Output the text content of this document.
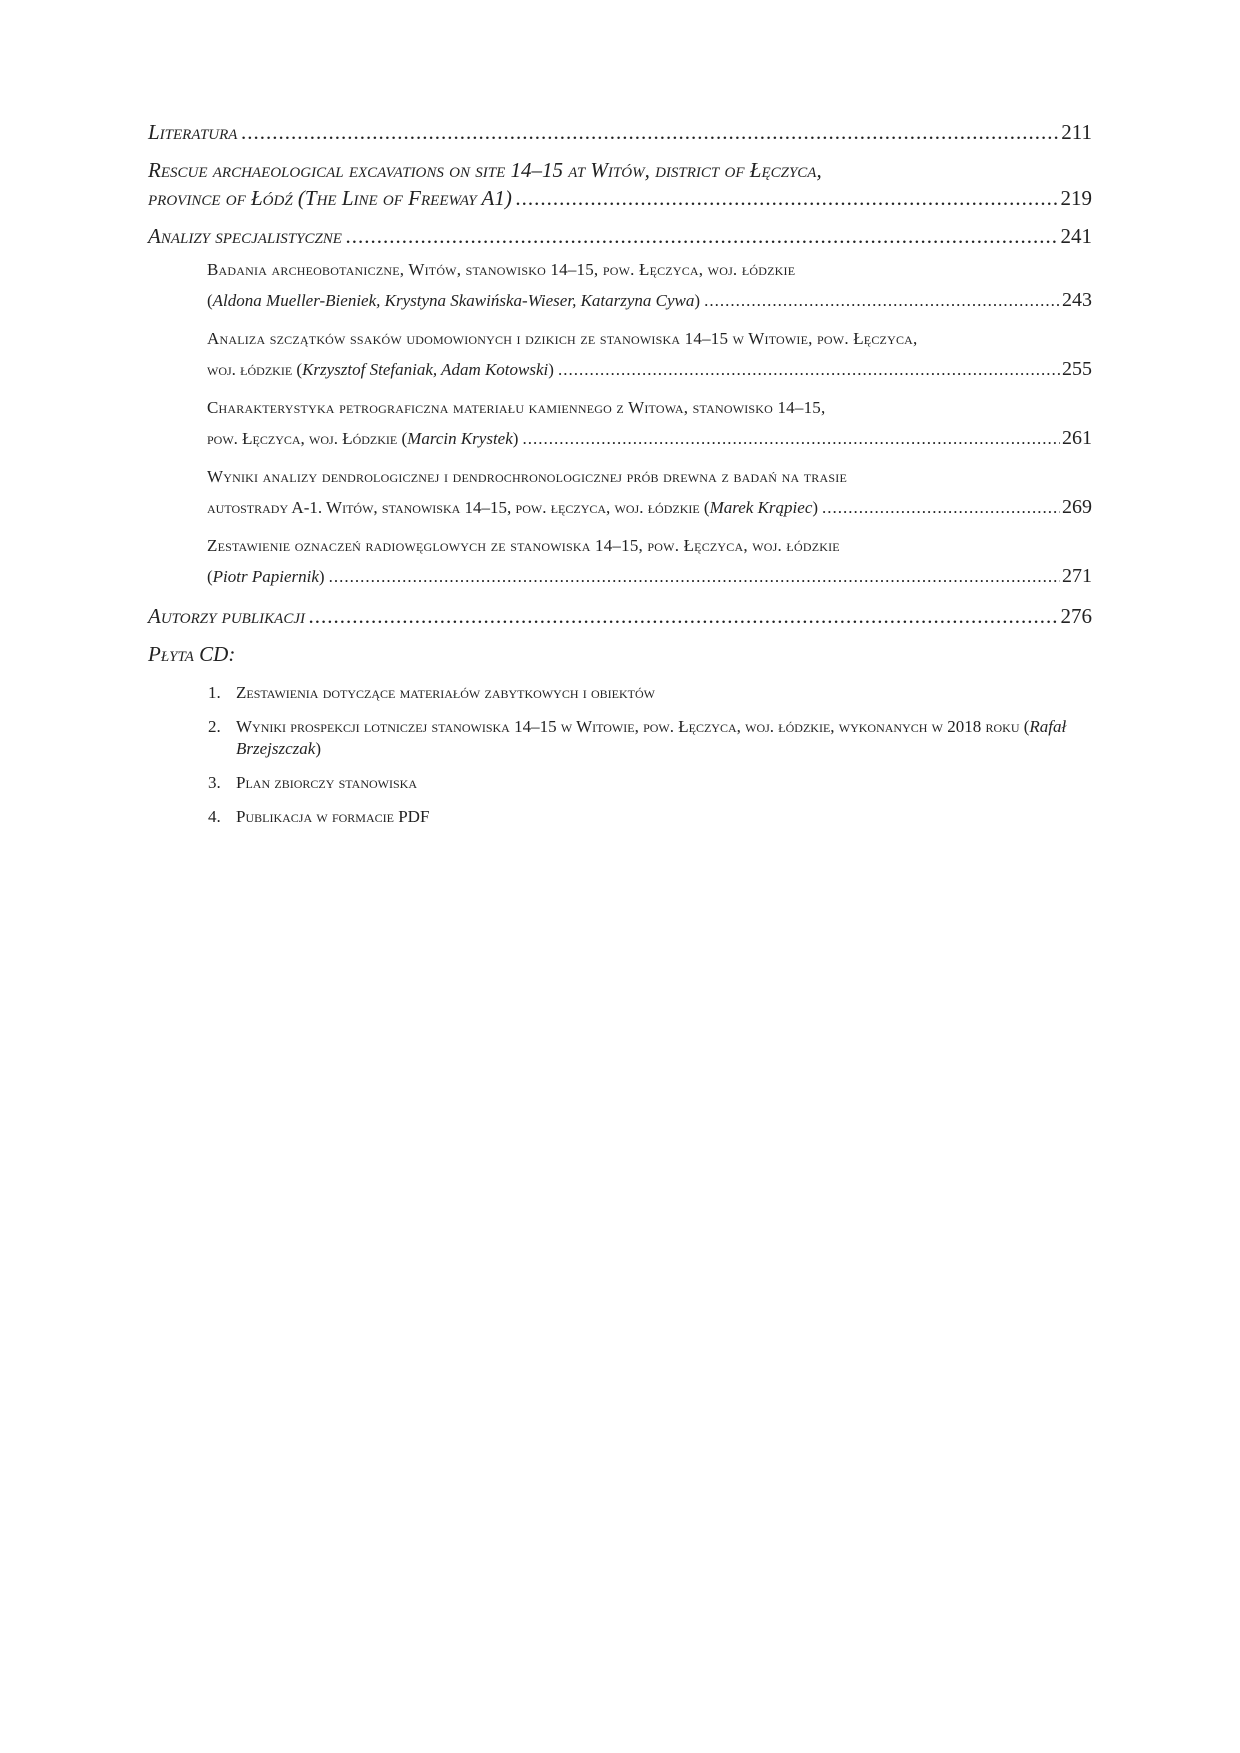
Literatura .....	211
Rescue archaeological excavations on site 14–15 at Witów, district of Łęczyca,
province of Łódź (The Line of Freeway A1) .....	219
Analizy specjalistyczne .....	241
Badania archeobotaniczne, Witów, stanowisko 14–15, pow. Łęczyca, woj. łódzkie
( Aldona Mueller-Bieniek, Krystyna Skawińska-Wieser, Katarzyna Cywa ) .....	243
Analiza szczątków ssaków udomowionych i dzikich ze stanowiska 14–15 w Witowie, pow. Łęczyca,
woj. łódzkie ( Krzysztof Stefaniak, Adam Kotowski ) .....	255
Charakterystyka petrograficzna materiału kamiennego z Witowa, stanowisko 14–15,
pow. Łęczyca, woj. Łódzkie ( Marcin Krystek ) .....	261
Wyniki analizy dendrologicznej i dendrochronologicznej prób drewna z badań na trasie
autostrady A-1. Witów, stanowiska 14–15, pow. łęczyca, woj. łódzkie ( Marek Krąpiec ) .....	269
Zestawienie oznaczeń radiowęglowych ze stanowiska 14–15, pow. Łęczyca, woj. łódzkie
( Piotr Papiernik ) .....	271
Autorzy publikacji .....	276
Płyta CD:
1. Zestawienia dotyczące materiałów zabytkowych i obiektów
2. Wyniki prospekcji lotniczej stanowiska 14–15 w Witowie, pow. Łęczyca, woj. łódzkie, wykonanych w 2018 roku (Rafał Brzejszczak)
3. Plan zbiorczy stanowiska
4. Publikacja w formacie PDF
